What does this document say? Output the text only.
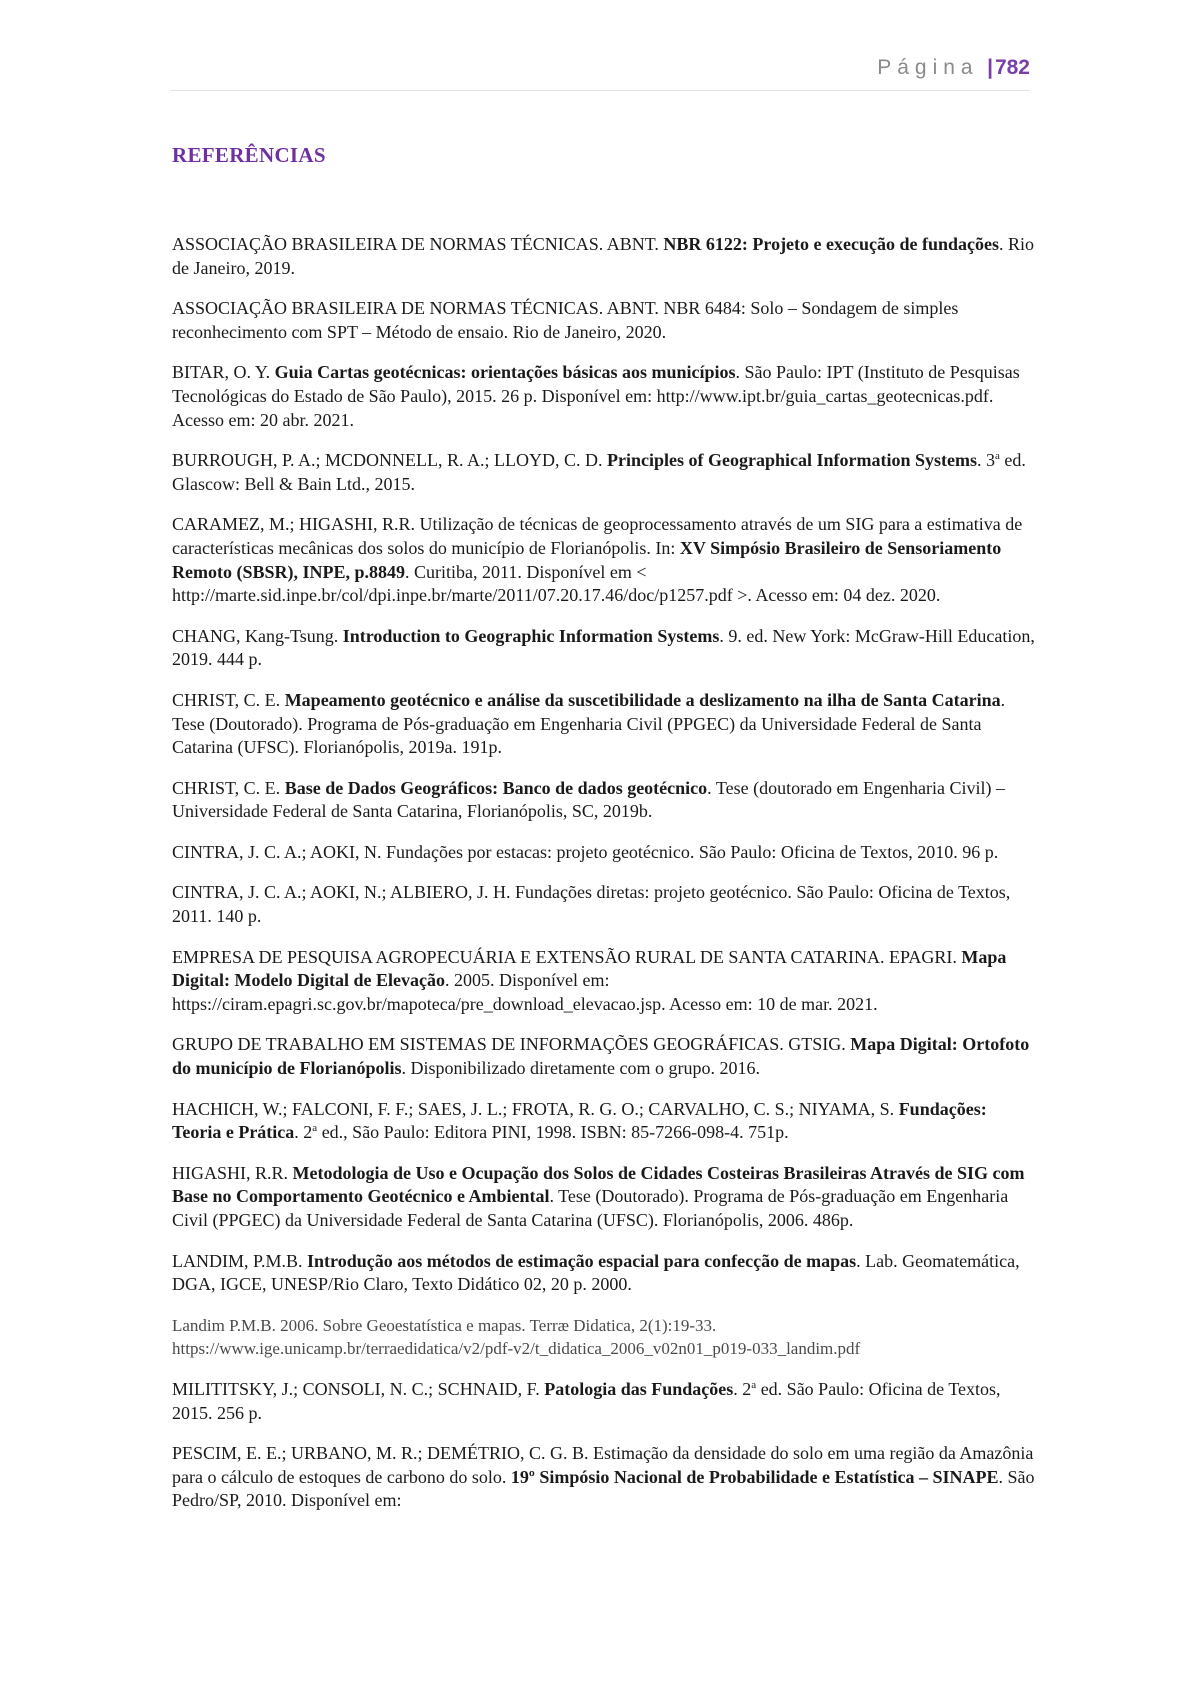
Página |782
REFERÊNCIAS

ASSOCIAÇÃO BRASILEIRA DE NORMAS TÉCNICAS. ABNT. NBR 6122: Projeto e execução de fundações. Rio de Janeiro, 2019.

ASSOCIAÇÃO BRASILEIRA DE NORMAS TÉCNICAS. ABNT. NBR 6484: Solo – Sondagem de simples reconhecimento com SPT – Método de ensaio. Rio de Janeiro, 2020.

BITAR, O. Y. Guia Cartas geotécnicas: orientações básicas aos municípios. São Paulo: IPT (Instituto de Pesquisas Tecnológicas do Estado de São Paulo), 2015. 26 p. Disponível em: http://www.ipt.br/guia_cartas_geotecnicas.pdf. Acesso em: 20 abr. 2021.

BURROUGH, P. A.; MCDONNELL, R. A.; LLOYD, C. D. Principles of Geographical Information Systems. 3$^a$ ed. Glascow: Bell & Bain Ltd., 2015.

CARAMEZ, M.; HIGASHI, R.R. Utilização de técnicas de geoprocessamento através de um SIG para a estimativa de características mecânicas dos solos do município de Florianópolis. In: XV Simpósio Brasileiro de Sensoriamento Remoto (SBSR), INPE, p.8849. Curitiba, 2011. Disponível em < http://marte.sid.inpe.br/col/dpi.inpe.br/marte/2011/07.20.17.46/doc/p1257.pdf >. Acesso em: 04 dez. 2020.

CHANG, Kang-Tsung. Introduction to Geographic Information Systems. 9. ed. New York: McGraw-Hill Education, 2019. 444 p.

CHRIST, C. E. Mapeamento geotécnico e análise da suscetibilidade a deslizamento na ilha de Santa Catarina. Tese (Doutorado). Programa de Pós-graduação em Engenharia Civil (PPGEC) da Universidade Federal de Santa Catarina (UFSC). Florianópolis, 2019a. 191p.

CHRIST, C. E. Base de Dados Geográficos: Banco de dados geotécnico. Tese (doutorado em Engenharia Civil) – Universidade Federal de Santa Catarina, Florianópolis, SC, 2019b.

CINTRA, J. C. A.; AOKI, N. Fundações por estacas: projeto geotécnico. São Paulo: Oficina de Textos, 2010. 96 p.

CINTRA, J. C. A.; AOKI, N.; ALBIERO, J. H. Fundações diretas: projeto geotécnico. São Paulo: Oficina de Textos, 2011. 140 p.

EMPRESA DE PESQUISA AGROPECUÁRIA E EXTENSÃO RURAL DE SANTA CATARINA. EPAGRI. Mapa Digital: Modelo Digital de Elevação. 2005. Disponível em: https://ciram.epagri.sc.gov.br/mapoteca/pre_download_elevacao.jsp. Acesso em: 10 de mar. 2021.

GRUPO DE TRABALHO EM SISTEMAS DE INFORMAÇÕES GEOGRÁFICAS. GTSIG. Mapa Digital: Ortofoto do município de Florianópolis. Disponibilizado diretamente com o grupo. 2016.

HACHICH, W.; FALCONI, F. F.; SAES, J. L.; FROTA, R. G. O.; CARVALHO, C. S.; NIYAMA, S. Fundações: Teoria e Prática. 2$^a$ ed., São Paulo: Editora PINI, 1998. ISBN: 85-7266-098-4. 751p.

HIGASHI, R.R. Metodologia de Uso e Ocupação dos Solos de Cidades Costeiras Brasileiras Através de SIG com Base no Comportamento Geotécnico e Ambiental. Tese (Doutorado). Programa de Pós-graduação em Engenharia Civil (PPGEC) da Universidade Federal de Santa Catarina (UFSC). Florianópolis, 2006. 486p.

LANDIM, P.M.B. Introdução aos métodos de estimação espacial para confecção de mapas. Lab. Geomatemática, DGA, IGCE, UNESP/Rio Claro, Texto Didático 02, 20 p. 2000.

Landim P.M.B. 2006. Sobre Geoestatística e mapas. Terræ Didatica, 2(1):19-33. https://www.ige.unicamp.br/terraedidatica/v2/pdf-v2/t_didatica_2006_v02n01_p019-033_landim.pdf

MILITITSKY, J.; CONSOLI, N. C.; SCHNAID, F. Patologia das Fundações. 2$^a$ ed. São Paulo: Oficina de Textos, 2015. 256 p.

PESCIM, E. E.; URBANO, M. R.; DEMÉTRIO, C. G. B. Estimação da densidade do solo em uma região da Amazônia para o cálculo de estoques de carbono do solo. 19º Simpósio Nacional de Probabilidade e Estatística – SINAPE. São Pedro/SP, 2010. Disponível em:
